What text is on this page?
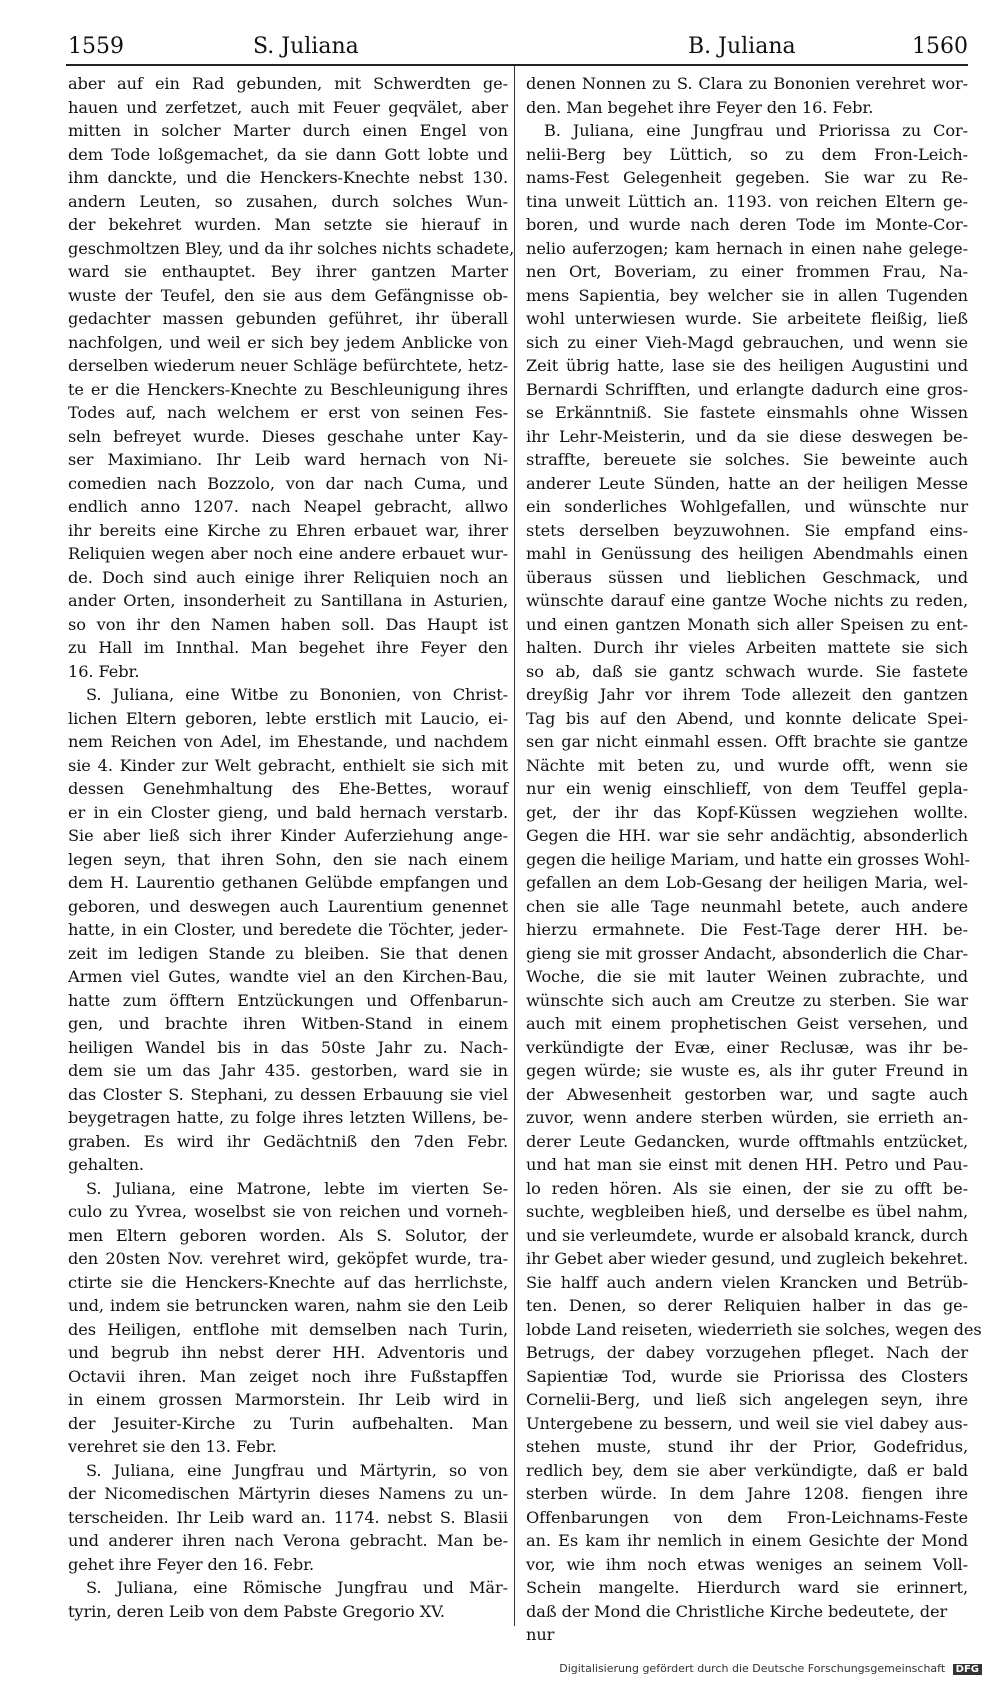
1559	S. Juliana	B. Juliana	1560
aber auf ein Rad gebunden, mit Schwerdten ge-
hauen und zerfetzet, auch mit Feuer geqvälet, aber
mitten in solcher Marter durch einen Engel von
dem Tode loßgemachet, da sie dann Gott lobte und
ihm danckte, und die Henckers-Knechte nebst 130.
andern Leuten, so zusahen, durch solches Wun-
der bekehret wurden. Man setzte sie hierauf in
geschmoltzen Bley, und da ihr solches nichts schadete,
ward sie enthauptet. Bey ihrer gantzen Marter
wuste der Teufel, den sie aus dem Gefängnisse ob-
gedachter massen gebunden geführet, ihr überall
nachfolgen, und weil er sich bey jedem Anblicke von
derselben wiederum neuer Schläge befürchtete, hetz-
te er die Henckers-Knechte zu Beschleunigung ihres
Todes auf, nach welchem er erst von seinen Fes-
seln befreyet wurde. Dieses geschahe unter Kay-
ser Maximiano. Ihr Leib ward hernach von Ni-
comedien nach Bozzolo, von dar nach Cuma, und
endlich anno 1207. nach Neapel gebracht, allwo
ihr bereits eine Kirche zu Ehren erbauet war, ihrer
Reliquien wegen aber noch eine andere erbauet wur-
de. Doch sind auch einige ihrer Reliquien noch an
ander Orten, insonderheit zu Santillana in Asturien,
so von ihr den Namen haben soll. Das Haupt ist
zu Hall im Innthal. Man begehet ihre Feyer den
16. Febr.
S. Juliana, eine Witbe zu Bononien, von Christ-
lichen Eltern geboren, lebte erstlich mit Laucio, ei-
nem Reichen von Adel, im Ehestande, und nachdem
sie 4. Kinder zur Welt gebracht, enthielt sie sich mit
dessen Genehmhaltung des Ehe-Bettes, worauf
er in ein Closter gieng, und bald hernach verstarb.
Sie aber ließ sich ihrer Kinder Auferziehung ange-
legen seyn, that ihren Sohn, den sie nach einem
dem H. Laurentio gethanen Gelübde empfangen und
geboren, und deswegen auch Laurentium genennet
hatte, in ein Closter, und beredete die Töchter, jeder-
zeit im ledigen Stande zu bleiben. Sie that denen
Armen viel Gutes, wandte viel an den Kirchen-Bau,
hatte zum öfftern Entzückungen und Offenbarun-
gen, und brachte ihren Witben-Stand in einem
heiligen Wandel bis in das 50ste Jahr zu. Nach-
dem sie um das Jahr 435. gestorben, ward sie in
das Closter S. Stephani, zu dessen Erbauung sie viel
beygetragen hatte, zu folge ihres letzten Willens, be-
graben. Es wird ihr Gedächtniß den 7den Febr.
gehalten.
S. Juliana, eine Matrone, lebte im vierten Se-
culo zu Yvrea, woselbst sie von reichen und vorneh-
men Eltern geboren worden. Als S. Solutor, der
den 20sten Nov. verehret wird, geköpfet wurde, tra-
ctirte sie die Henckers-Knechte auf das herrlichste,
und, indem sie betruncken waren, nahm sie den Leib
des Heiligen, entflohe mit demselben nach Turin,
und begrub ihn nebst derer HH. Adventoris und
Octavii ihren. Man zeiget noch ihre Fußstapffen
in einem grossen Marmorstein. Ihr Leib wird in
der Jesuiter-Kirche zu Turin aufbehalten. Man
verehret sie den 13. Febr.
S. Juliana, eine Jungfrau und Märtyrin, so von
der Nicomedischen Märtyrin dieses Namens zu un-
terscheiden. Ihr Leib ward an. 1174. nebst S. Blasii
und anderer ihren nach Verona gebracht. Man be-
gehet ihre Feyer den 16. Febr.
S. Juliana, eine Römische Jungfrau und Mär-
tyrin, deren Leib von dem Pabste Gregorio XV.
denen Nonnen zu S. Clara zu Bononien verehret wor-
den. Man begehet ihre Feyer den 16. Febr.
B. Juliana, eine Jungfrau und Priorissa zu Cor-
nelii-Berg bey Lüttich, so zu dem Fron-Leich-
nams-Fest Gelegenheit gegeben. Sie war zu Re-
tina unweit Lüttich an. 1193. von reichen Eltern ge-
boren, und wurde nach deren Tode im Monte-Cor-
nelio auferzogen; kam hernach in einen nahe gelege-
nen Ort, Boveriam, zu einer frommen Frau, Na-
mens Sapientia, bey welcher sie in allen Tugenden
wohl unterwiesen wurde. Sie arbeitete fleißig, ließ
sich zu einer Vieh-Magd gebrauchen, und wenn sie
Zeit übrig hatte, lase sie des heiligen Augustini und
Bernardi Schrifften, und erlangte dadurch eine gros-
se Erkänntniß. Sie fastete einsmahls ohne Wissen
ihr Lehr-Meisterin, und da sie diese deswegen be-
straffte, bereuete sie solches. Sie beweinte auch
anderer Leute Sünden, hatte an der heiligen Messe
ein sonderliches Wohlgefallen, und wünschte nur
stets derselben beyzuwohnen. Sie empfand eins-
mahl in Genüssung des heiligen Abendmahls einen
überaus süssen und lieblichen Geschmack, und
wünschte darauf eine gantze Woche nichts zu reden,
und einen gantzen Monath sich aller Speisen zu ent-
halten. Durch ihr vieles Arbeiten mattete sie sich
so ab, daß sie gantz schwach wurde. Sie fastete
dreyßig Jahr vor ihrem Tode allezeit den gantzen
Tag bis auf den Abend, und konnte delicate Spei-
sen gar nicht einmahl essen. Offt brachte sie gantze
Nächte mit beten zu, und wurde offt, wenn sie
nur ein wenig einschlieff, von dem Teuffel gepla-
get, der ihr das Kopf-Küssen wegziehen wollte.
Gegen die HH. war sie sehr andächtig, absonderlich
gegen die heilige Mariam, und hatte ein grosses Wohl-
gefallen an dem Lob-Gesang der heiligen Maria, wel-
chen sie alle Tage neunmahl betete, auch andere
hierzu ermahnete. Die Fest-Tage derer HH. be-
gieng sie mit grosser Andacht, absonderlich die Char-
Woche, die sie mit lauter Weinen zubrachte, und
wünschte sich auch am Creutze zu sterben. Sie war
auch mit einem prophetischen Geist versehen, und
verkündigte der Evæ, einer Reclusæ, was ihr be-
gegen würde; sie wuste es, als ihr guter Freund in
der Abwesenheit gestorben war, und sagte auch
zuvor, wenn andere sterben würden, sie errieth an-
derer Leute Gedancken, wurde offtmahls entzücket,
und hat man sie einst mit denen HH. Petro und Pau-
lo reden hören. Als sie einen, der sie zu offt be-
suchte, wegbleiben hieß, und derselbe es übel nahm,
und sie verleumdete, wurde er alsobald kranck, durch
ihr Gebet aber wieder gesund, und zugleich bekehret.
Sie halff auch andern vielen Krancken und Betrüb-
ten. Denen, so derer Reliquien halber in das ge-
lobde Land reiseten, wiederrieth sie solches, wegen des
Betrugs, der dabey vorzugehen pfleget. Nach der
Sapientiæ Tod, wurde sie Priorissa des Closters
Cornelii-Berg, und ließ sich angelegen seyn, ihre
Untergebene zu bessern, und weil sie viel dabey aus-
stehen muste, stund ihr der Prior, Godefridus,
redlich bey, dem sie aber verkündigte, daß er bald
sterben würde. In dem Jahre 1208. fiengen ihre
Offenbarungen von dem Fron-Leichnams-Feste
an. Es kam ihr nemlich in einem Gesichte der Mond
vor, wie ihm noch etwas weniges an seinem Voll-
Schein mangelte. Hierdurch ward sie erinnert,
daß der Mond die Christliche Kirche bedeutete, der
nur
Digitalisierung gefördert durch die Deutsche Forschungsgemeinschaft DFG
